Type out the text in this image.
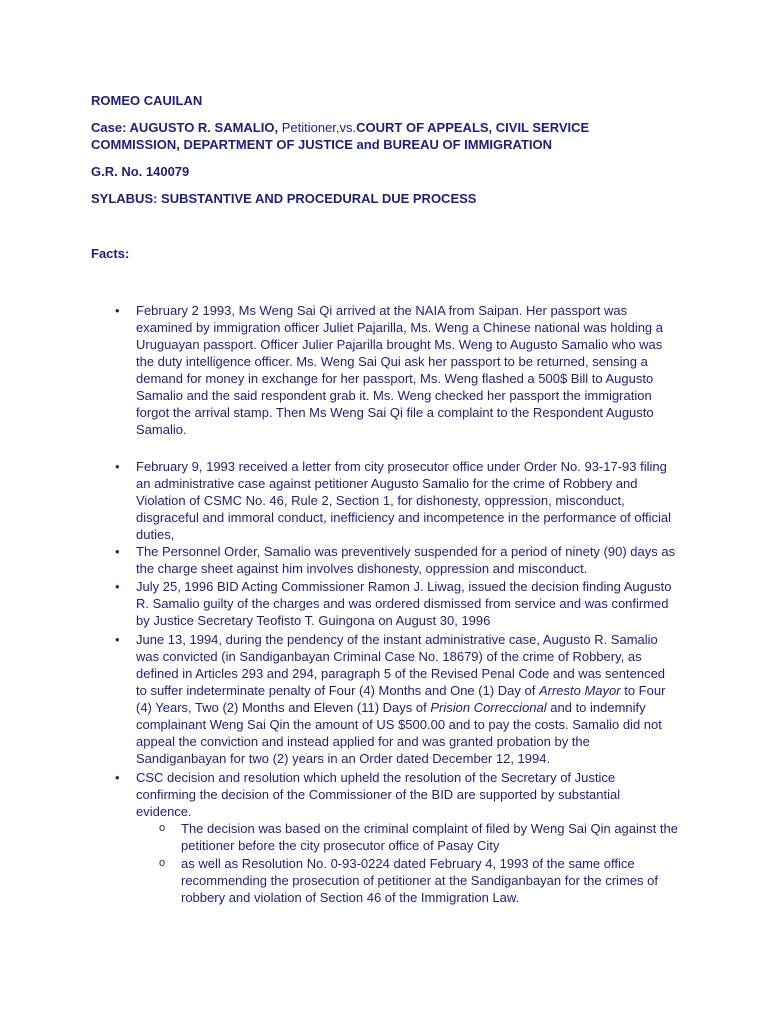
ROMEO CAUILAN
Case: AUGUSTO R. SAMALIO, Petitioner,vs.COURT OF APPEALS, CIVIL SERVICE COMMISSION, DEPARTMENT OF JUSTICE and BUREAU OF IMMIGRATION
G.R. No. 140079
SYLABUS: SUBSTANTIVE AND PROCEDURAL DUE PROCESS
Facts:
• February 2 1993, Ms Weng Sai Qi arrived at the NAIA from Saipan. Her passport was examined by immigration officer Juliet Pajarilla, Ms. Weng a Chinese national was holding a Uruguayan passport. Officer Julier Pajarilla brought Ms. Weng to Augusto Samalio who was the duty intelligence officer. Ms. Weng Sai Qui ask her passport to be returned, sensing a demand for money in exchange for her passport, Ms. Weng flashed a 500$ Bill to Augusto Samalio and the said respondent grab it. Ms. Weng checked her passport the immigration forgot the arrival stamp. Then Ms Weng Sai Qi file a complaint to the Respondent Augusto Samalio.
• February 9, 1993 received a letter from city prosecutor office under Order No. 93-17-93 filing an administrative case against petitioner Augusto Samalio for the crime of Robbery and Violation of CSMC No. 46, Rule 2, Section 1, for dishonesty, oppression, misconduct, disgraceful and immoral conduct, inefficiency and incompetence in the performance of official duties,
• The Personnel Order, Samalio was preventively suspended for a period of ninety (90) days as the charge sheet against him involves dishonesty, oppression and misconduct.
• July 25, 1996 BID Acting Commissioner Ramon J. Liwag, issued the decision finding Augusto R. Samalio guilty of the charges and was ordered dismissed from service and was confirmed by Justice Secretary Teofisto T. Guingona on August 30, 1996
• June 13, 1994, during the pendency of the instant administrative case, Augusto R. Samalio was convicted (in Sandiganbayan Criminal Case No. 18679) of the crime of Robbery, as defined in Articles 293 and 294, paragraph 5 of the Revised Penal Code and was sentenced to suffer indeterminate penalty of Four (4) Months and One (1) Day of Arresto Mayor to Four (4) Years, Two (2) Months and Eleven (11) Days of Prision Correccional and to indemnify complainant Weng Sai Qin the amount of US $500.00 and to pay the costs. Samalio did not appeal the conviction and instead applied for and was granted probation by the Sandiganbayan for two (2) years in an Order dated December 12, 1994.
• CSC decision and resolution which upheld the resolution of the Secretary of Justice confirming the decision of the Commissioner of the BID are supported by substantial evidence.
o The decision was based on the criminal complaint of filed by Weng Sai Qin against the petitioner before the city prosecutor office of Pasay City
o as well as Resolution No. 0-93-0224 dated February 4, 1993 of the same office recommending the prosecution of petitioner at the Sandiganbayan for the crimes of robbery and violation of Section 46 of the Immigration Law.
